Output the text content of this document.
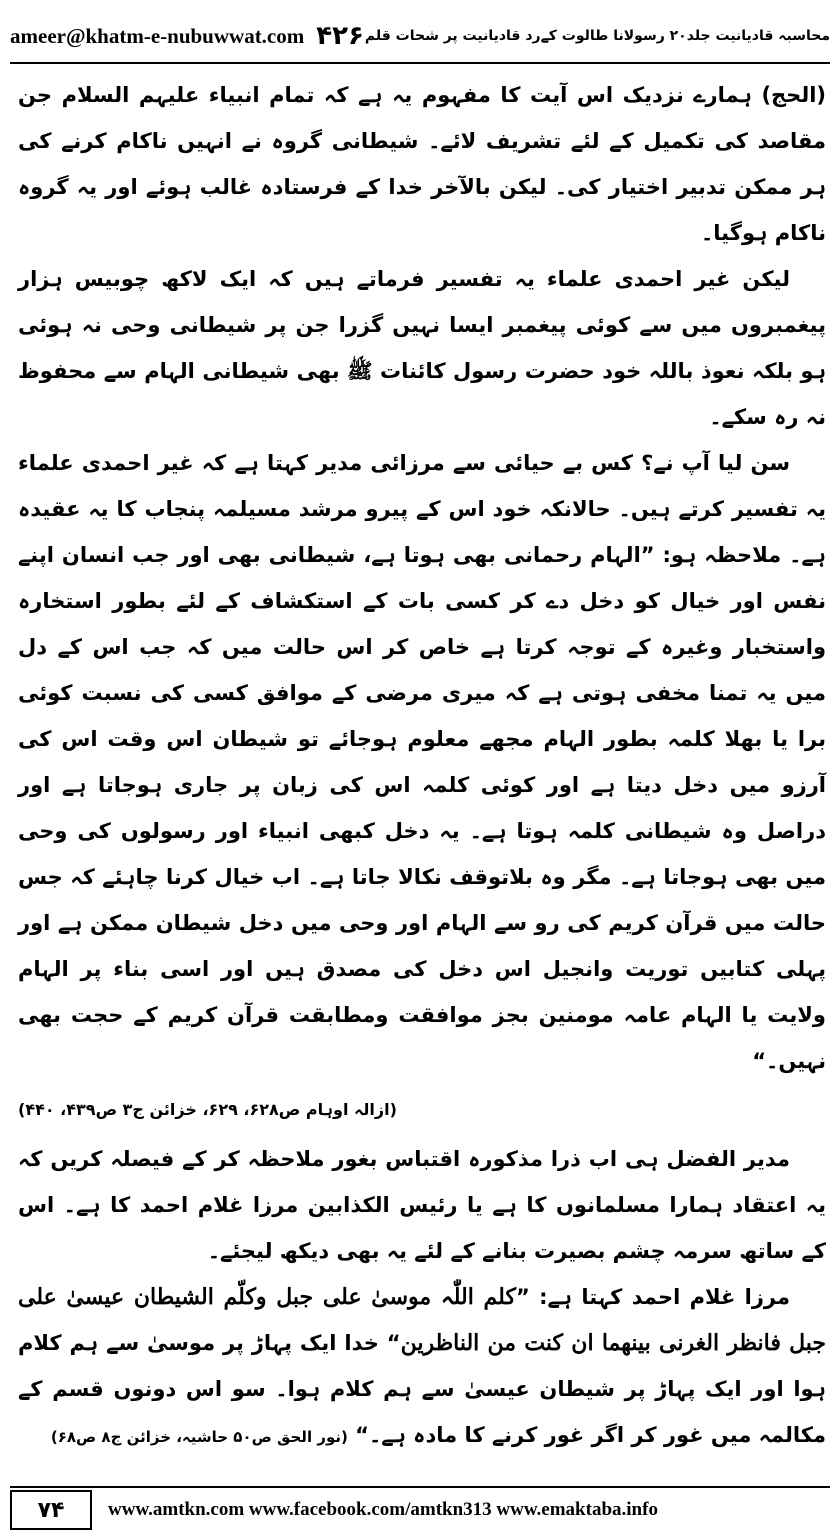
ameer@khatm-e-nubuwwat.com ۴۲۶ محاسبہ قادیانیت جلد۲۰ رسولانا طالوت کےرد قادیانیت پر شحات قلم

(الحج) ہمارے نزدیک اس آیت کا مفہوم یہ ہے کہ تمام انبیاء علیہم السلام جن مقاصد کی تکمیل کے لئے تشریف لائے۔ شیطانی گروہ نے انہیں ناکام کرنے کی ہر ممکن تدبیر اختیار کی۔ لیکن بالآخر خدا کے فرستادہ غالب ہوئے اور یہ گروہ ناکام ہوگیا۔

لیکن غیر احمدی علماء یہ تفسیر فرماتے ہیں کہ ایک لاکھ چوبیس ہزار پیغمبروں میں سے کوئی پیغمبر ایسا نہیں گزرا جن پر شیطانی وحی نہ ہوئی ہو بلکہ نعوذ باللہ خود حضرت رسول کائنات ﷺ بھی شیطانی الہام سے محفوظ نہ رہ سکے۔

سن لیا آپ نے؟ کس بے حیائی سے مرزائی مدیر کہتا ہے کہ غیر احمدی علماء یہ تفسیر کرتے ہیں۔ حالانکہ خود اس کے پیرو مرشد مسیلمہ پنجاب کا یہ عقیدہ ہے۔ ملاحظہ ہو: ”الہام رحمانی بھی ہوتا ہے، شیطانی بھی اور جب انسان اپنے نفس اور خیال کو دخل دے کر کسی بات کے استکشاف کے لئے بطور استخارہ واستخبار وغیرہ کے توجہ کرتا ہے خاص کر اس حالت میں کہ جب اس کے دل میں یہ تمنا مخفی ہوتی ہے کہ میری مرضی کے موافق کسی کی نسبت کوئی برا یا بھلا کلمہ بطور الہام مجھے معلوم ہوجائے تو شیطان اس وقت اس کی آرزو میں دخل دیتا ہے اور کوئی کلمہ اس کی زبان پر جاری ہوجاتا ہے اور دراصل وہ شیطانی کلمہ ہوتا ہے۔ یہ دخل کبھی انبیاء اور رسولوں کی وحی میں بھی ہوجاتا ہے۔ مگر وہ بلاتوقف نکالا جاتا ہے۔ اب خیال کرنا چاہئے کہ جس حالت میں قرآن کریم کی رو سے الہام اور وحی میں دخل شیطان ممکن ہے اور پہلی کتابیں توریت وانجیل اس دخل کی مصدق ہیں اور اسی بناء پر الہام ولایت یا الہام عامہ مومنین بجز موافقت ومطابقت قرآن کریم کے حجت بھی نہیں۔“

(ازالہ اوہام ص۶۲۸، ۶۲۹، خزائن ج۳ ص۴۳۹، ۴۴۰)

مدیر الفضل ہی اب ذرا مذکورہ اقتباس بغور ملاحظہ کر کے فیصلہ کریں کہ یہ اعتقاد ہمارا مسلمانوں کا ہے یا رئیس الکذابین مرزا غلام احمد کا ہے۔ اس کے ساتھ سرمہ چشم بصیرت بنانے کے لئے یہ بھی دیکھ لیجئے۔

مرزا غلام احمد کہتا ہے: ”کلم اللّٰہ موسیٰ علی جبل وکلّم الشیطان عیسیٰ علی جبل فانظر الغرنی بینھما ان کنت من الناظرین“ خدا ایک پہاڑ پر موسیٰ سے ہم کلام ہوا اور ایک پہاڑ پر شیطان عیسیٰ سے ہم کلام ہوا۔ سو اس دونوں قسم کے مکالمہ میں غور کر اگر غور کرنے کا مادہ ہے۔“ (نور الحق ص۵۰ حاشیہ، خزائن ج۸ ص۶۸)

۷۴	www.amtkn.com www.facebook.com/amtkn313 www.emaktaba.info
